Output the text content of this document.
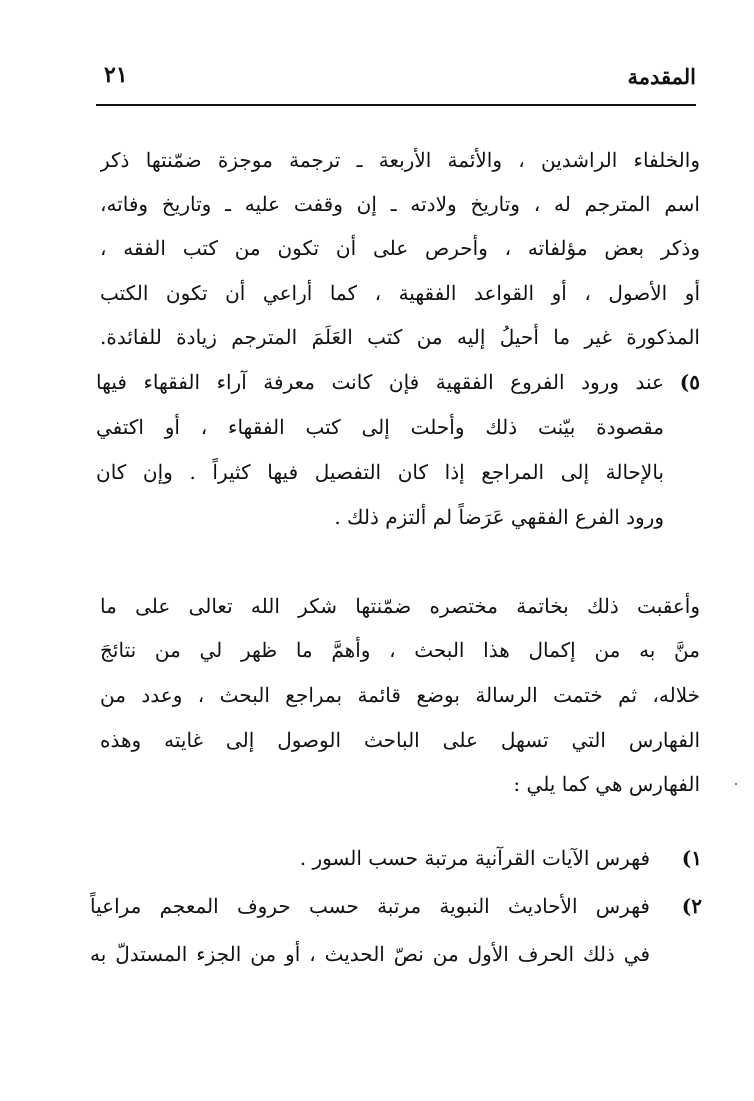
المقدمة
٢١
والخلفاء الراشدين ، والأئمة الأربعة ـ ترجمة موجزة ضمّنتها ذكر
اسم المترجم له ، وتاريخ ولادته ـ إن وقفت عليه ـ وتاريخ وفاته،
وذكر بعض مؤلفاته ، وأحرص على أن تكون من كتب الفقه ،
أو الأصول ، أو القواعد الفقهية ، كما أراعي أن تكون الكتب
المذكورة غير ما أحيلُ إليه من كتب العَلَمَ المترجم زيادة للفائدة.
٥)
عند ورود الفروع الفقهية فإن كانت معرفة آراء الفقهاء فيها
مقصودة بيّنت ذلك وأحلت إلى كتب الفقهاء ، أو اكتفي
بالإحالة إلى المراجع إذا كان التفصيل فيها كثيراً . وإن كان
ورود الفرع الفقهي عَرَضاً لم ألتزم ذلك .
وأعقبت ذلك بخاتمة مختصره ضمّنتها شكر الله تعالى على ما
منَّ به من إكمال هذا البحث ، وأهمَّ ما ظهر لي من نتائجَ
خلاله، ثم ختمت الرسالة بوضع قائمة بمراجع البحث ، وعدد من
الفهارس التي تسهل على الباحث الوصول إلى غايته وهذه
الفهارس هي كما يلي :
١)
فهرس الآيات القرآنية مرتبة حسب السور .
٢)
فهرس الأحاديث النبوية مرتبة حسب حروف المعجم مراعياً
في ذلك الحرف الأول من نصّ الحديث ، أو من الجزء المستدلّ به
